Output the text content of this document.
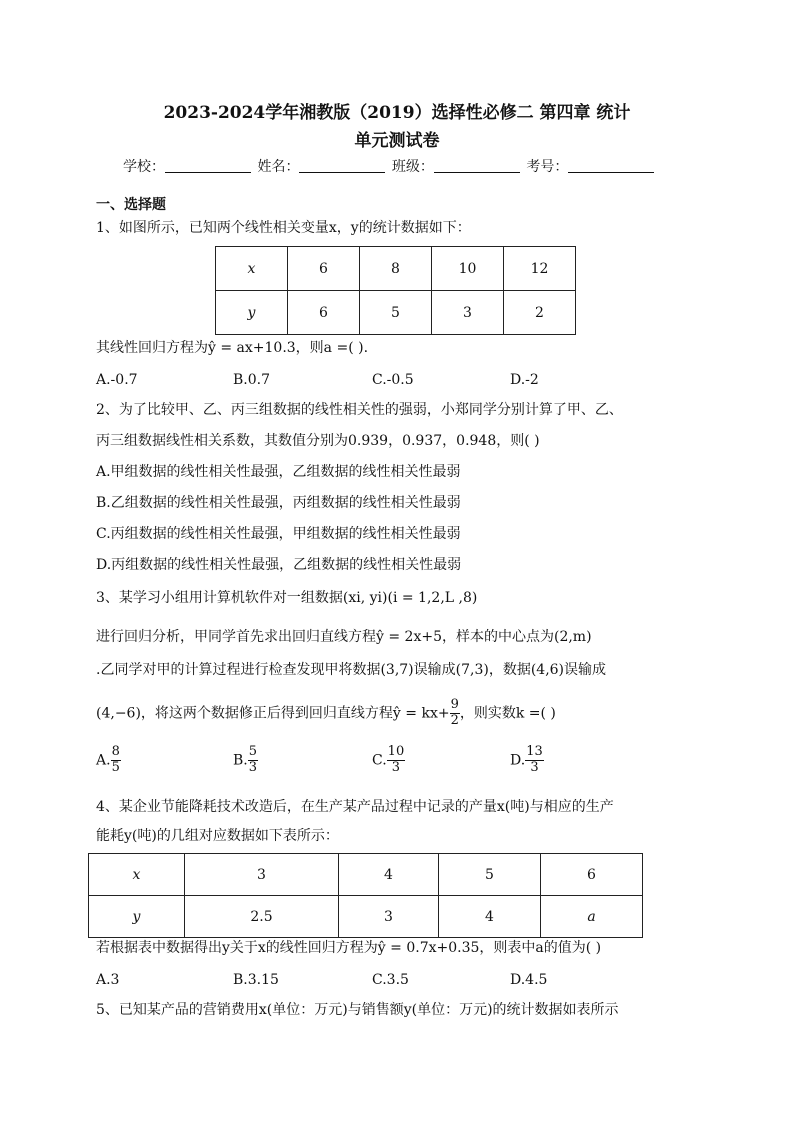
2023-2024学年湘教版（2019）选择性必修二 第四章 统计
单元测试卷
学校：	姓名：	班级：	考号：
一、选择题
1、如图所示，已知两个线性相关变量x，y的统计数据如下：
x	6	8	10	12
y	6	5	3	2
其线性回归方程为ŷ = ax+10.3，则a =( ).
A.-0.7	B.0.7	C.-0.5	D.-2
2、为了比较甲、乙、丙三组数据的线性相关性的强弱，小郑同学分别计算了甲、乙、
丙三组数据线性相关系数，其数值分别为0.939，0.937，0.948，则( )
A.甲组数据的线性相关性最强，乙组数据的线性相关性最弱
B.乙组数据的线性相关性最强，丙组数据的线性相关性最弱
C.丙组数据的线性相关性最强，甲组数据的线性相关性最弱
D.丙组数据的线性相关性最强，乙组数据的线性相关性最弱
3、某学习小组用计算机软件对一组数据(xi, yi)(i = 1,2,L ,8)
进行回归分析，甲同学首先求出回归直线方程ŷ = 2x+5，样本的中心点为(2,m)
.乙同学对甲的计算过程进行检查发现甲将数据(3,7)误输成(7,3)，数据(4,6)误输成
(4,−6)，将这两个数据修正后得到回归直线方程ŷ = $kx+ \frac{9}{2}$ ，则实数k =( )
A. $\frac{8}{5}$	B. $\frac{5}{3}$	C. $\frac{10}{3}$	D. $\frac{13}{3}$
4、某企业节能降耗技术改造后，在生产某产品过程中记录的产量x(吨)与相应的生产
能耗y(吨)的几组对应数据如下表所示：
x	3	4	5	6
y	2.5	3	4	a
若根据表中数据得出y关于x的线性回归方程为ŷ = 0.7x+0.35，则表中a的值为( )
A.3	B.3.15	C.3.5	D.4.5
5、已知某产品的营销费用x(单位：万元)与销售额y(单位：万元)的统计数据如表所示
